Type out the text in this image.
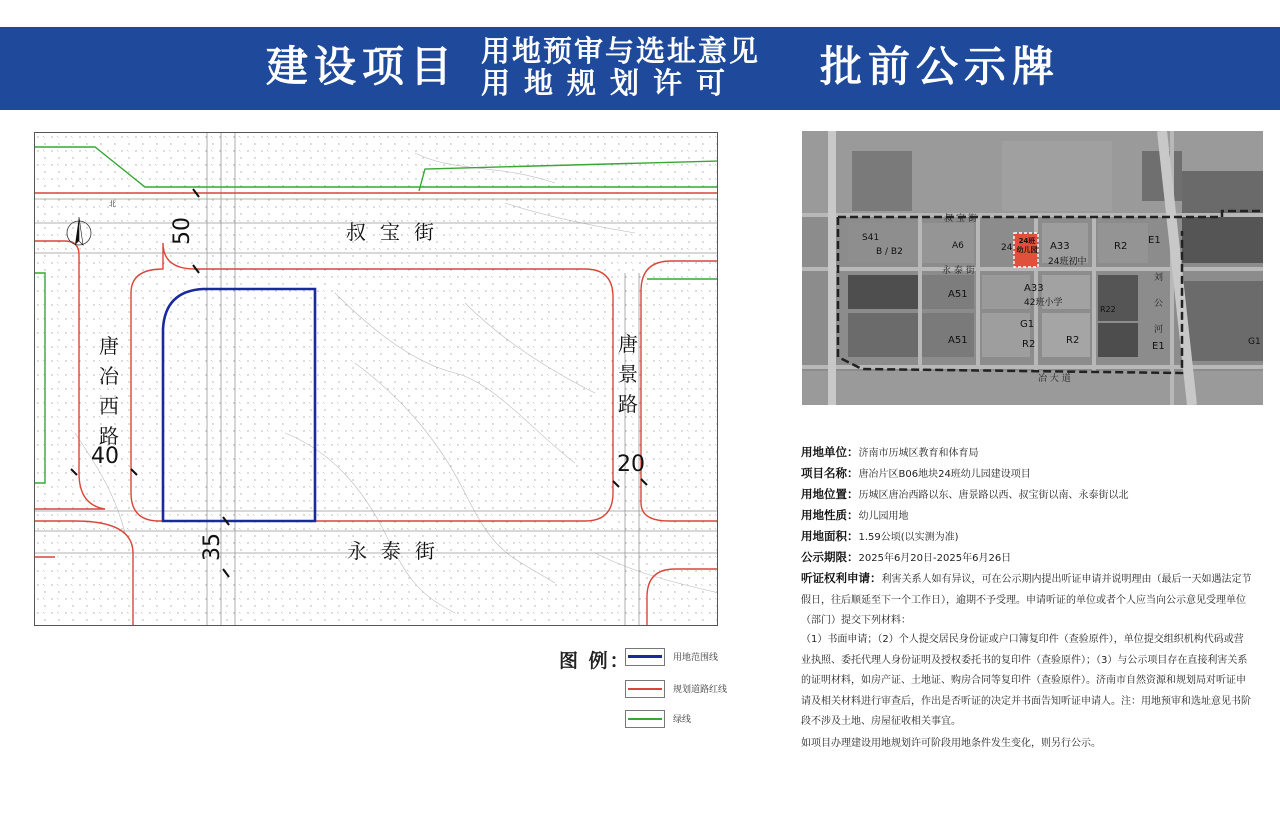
建设项目 用地预审与选址意见
用地规划许可 批前公示牌
北
叔宝街
永泰街
唐冶西路
唐景路
50
40	20
35
图 例：	用地范围线
规划道路红线
绿线
S41
B / B2
A6	24
24班
幼儿园 A33
24班初中
R2
E1
叔 宝 街
永 泰 街
A51
A33
42班小学
R22
G1
R2
A51	R2
E1	G1
刘 公 河
冶 大 道
用地单位：济南市历城区教育和体育局
项目名称：唐冶片区B06地块24班幼儿园建设项目
用地位置：历城区唐冶西路以东、唐景路以西、叔宝街以南、永泰街以北
用地性质：幼儿园用地
用地面积：1.59公顷(以实测为准)
公示期限：2025年6月20日-2025年6月26日
听证权利申请：利害关系人如有异议，可在公示期内提出听证申请并说明理由（最后一天如遇法定节假日，往后顺延至下一个工作日），逾期不予受理。申请听证的单位或者个人应当向公示意见受理单位（部门）提交下列材料：
（1）书面申请；（2）个人提交居民身份证或户口簿复印件（查验原件），单位提交组织机构代码或营业执照、委托代理人身份证明及授权委托书的复印件（查验原件）；（3）与公示项目存在直接利害关系的证明材料，如房产证、土地证、购房合同等复印件（查验原件）。济南市自然资源和规划局对听证申请及相关材料进行审查后，作出是否听证的决定并书面告知听证申请人。注：用地预审和选址意见书阶段不涉及土地、房屋征收相关事宜。
如项目办理建设用地规划许可阶段用地条件发生变化，则另行公示。
